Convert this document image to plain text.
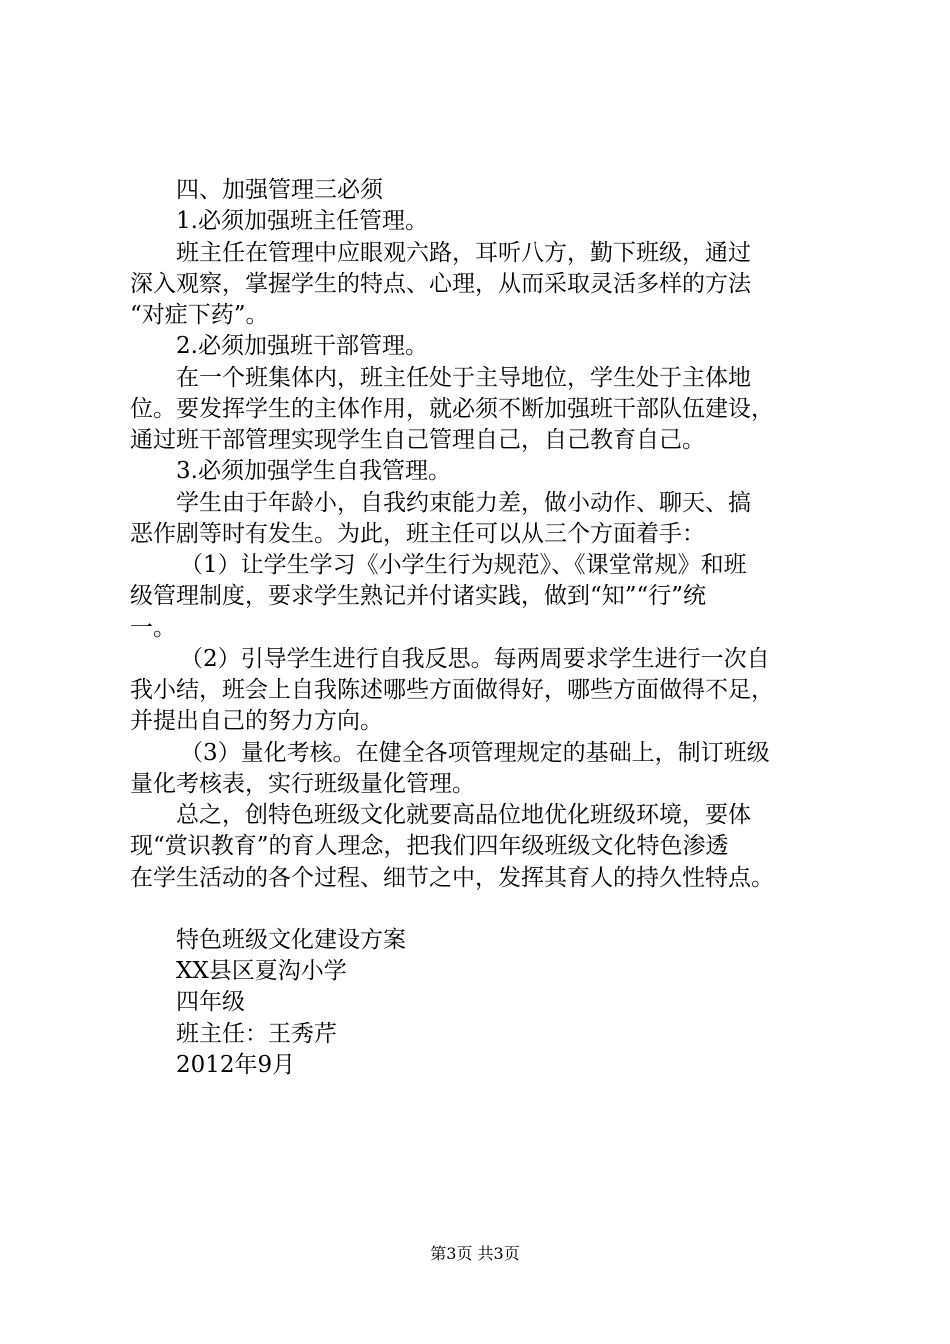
四、加强管理三必须
1.必须加强班主任管理。
班主任在管理中应眼观六路，耳听八方，勤下班级，通过
深入观察，掌握学生的特点、心理，从而采取灵活多样的方法
“对症下药”。
2.必须加强班干部管理。
在一个班集体内，班主任处于主导地位，学生处于主体地
位。要发挥学生的主体作用，就必须不断加强班干部队伍建设，
通过班干部管理实现学生自己管理自己，自己教育自己。
3.必须加强学生自我管理。
学生由于年龄小，自我约束能力差，做小动作、聊天、搞
恶作剧等时有发生。为此，班主任可以从三个方面着手：
（1）让学生学习《小学生行为规范》、《课堂常规》和班
级管理制度，要求学生熟记并付诸实践，做到“知”“行”统
一。
（2）引导学生进行自我反思。每两周要求学生进行一次自
我小结，班会上自我陈述哪些方面做得好，哪些方面做得不足，
并提出自己的努力方向。
（3）量化考核。在健全各项管理规定的基础上，制订班级
量化考核表，实行班级量化管理。
总之，创特色班级文化就要高品位地优化班级环境，要体
现“赏识教育”的育人理念，把我们四年级班级文化特色渗透
在学生活动的各个过程、细节之中，发挥其育人的持久性特点。
特色班级文化建设方案
XX县区夏沟小学
四年级
班主任：王秀芹
2012年9月
第3页 共3页
